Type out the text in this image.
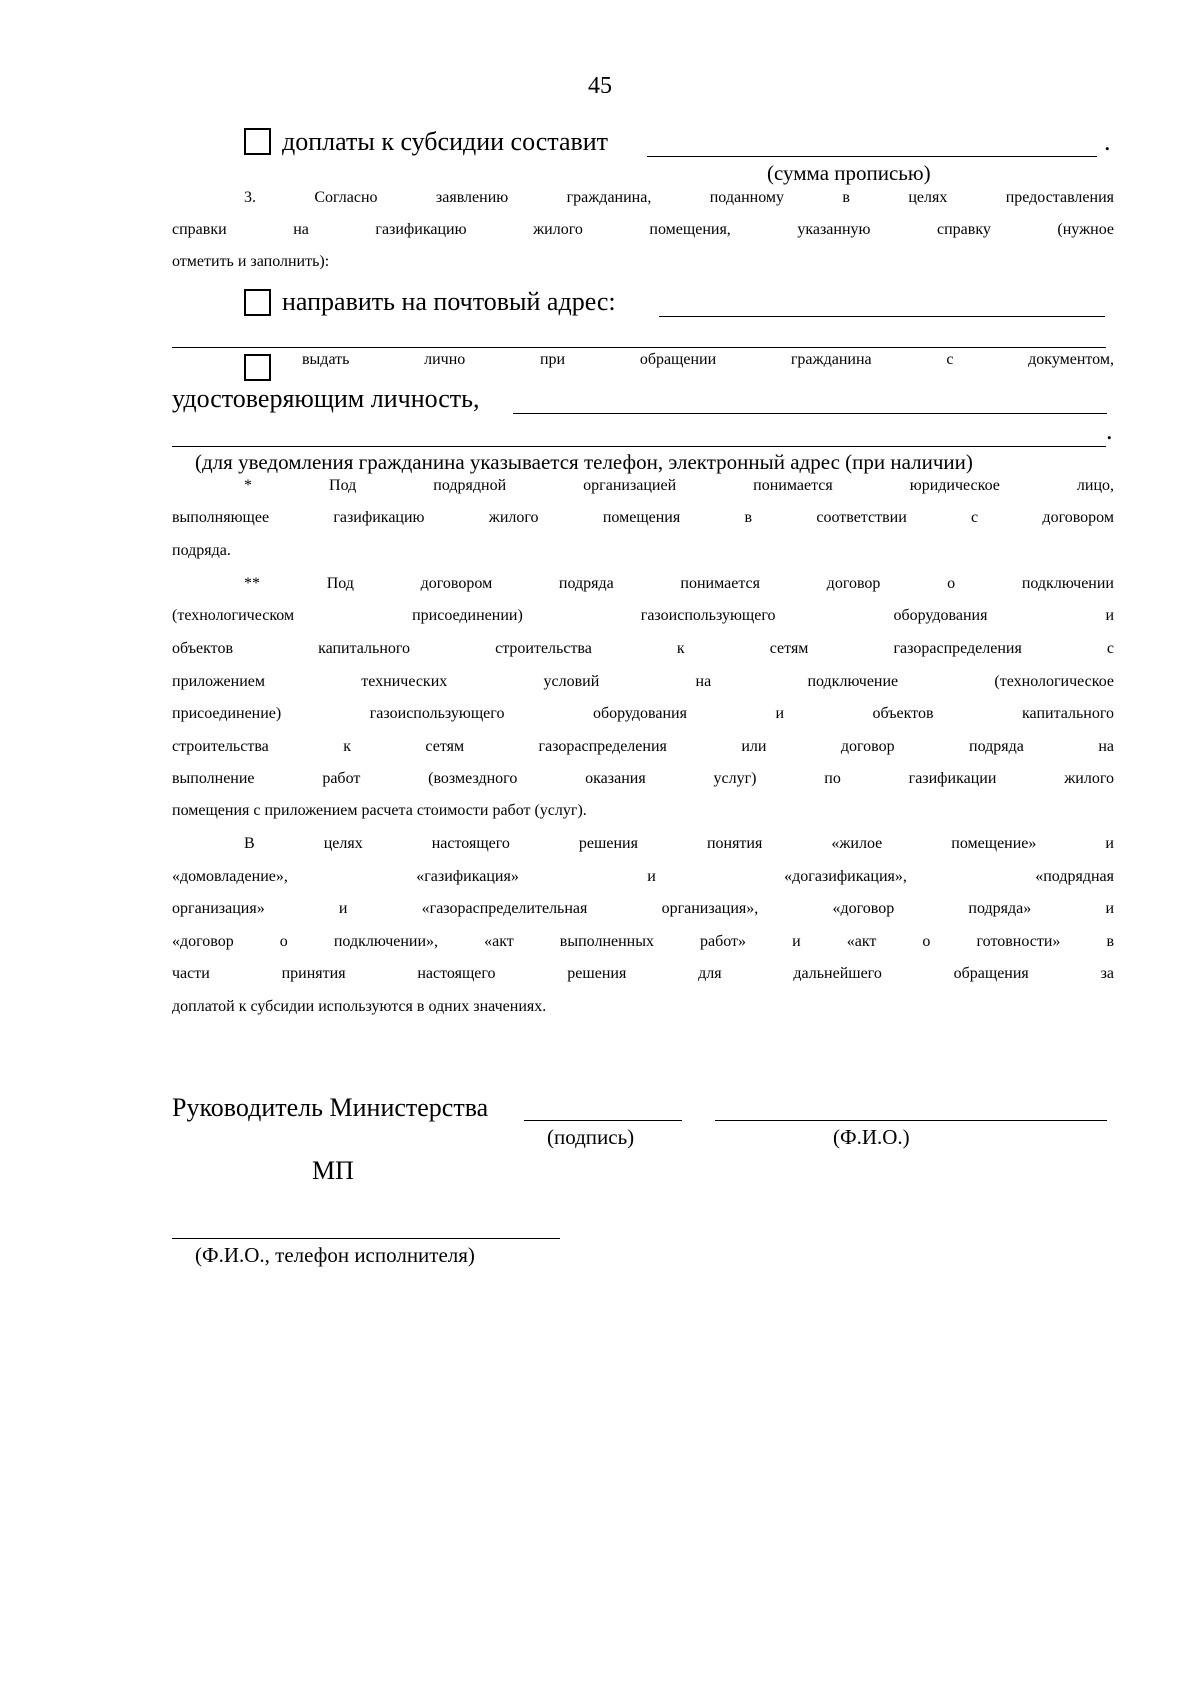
45
доплаты к субсидии составит	.
(сумма прописью)
3. Согласно заявлению гражданина, поданному в целях предоставления
справки на газификацию жилого помещения, указанную справку (нужное
отметить и заполнить):
направить на почтовый адрес:
выдать лично при обращении гражданина с документом,
удостоверяющим личность,
.
(для уведомления гражданина указывается телефон, электронный адрес (при наличии)
* Под подрядной организацией понимается юридическое лицо,
выполняющее газификацию жилого помещения в соответствии с договором
подряда.
** Под договором подряда понимается договор о подключении
(технологическом присоединении) газоиспользующего оборудования и
объектов капитального строительства к сетям газораспределения с
приложением технических условий на подключение (технологическое
присоединение) газоиспользующего оборудования и объектов капитального
строительства к сетям газораспределения или договор подряда на
выполнение работ (возмездного оказания услуг) по газификации жилого
помещения с приложением расчета стоимости работ (услуг).
В целях настоящего решения понятия «жилое помещение» и
«домовладение», «газификация» и «догазификация», «подрядная
организация» и «газораспределительная организация», «договор подряда» и
«договор о подключении», «акт выполненных работ» и «акт о готовности» в
части принятия настоящего решения для дальнейшего обращения за
доплатой к субсидии используются в одних значениях.
Руководитель Министерства
(подпись)	(Ф.И.О.)
МП
(Ф.И.О., телефон исполнителя)
